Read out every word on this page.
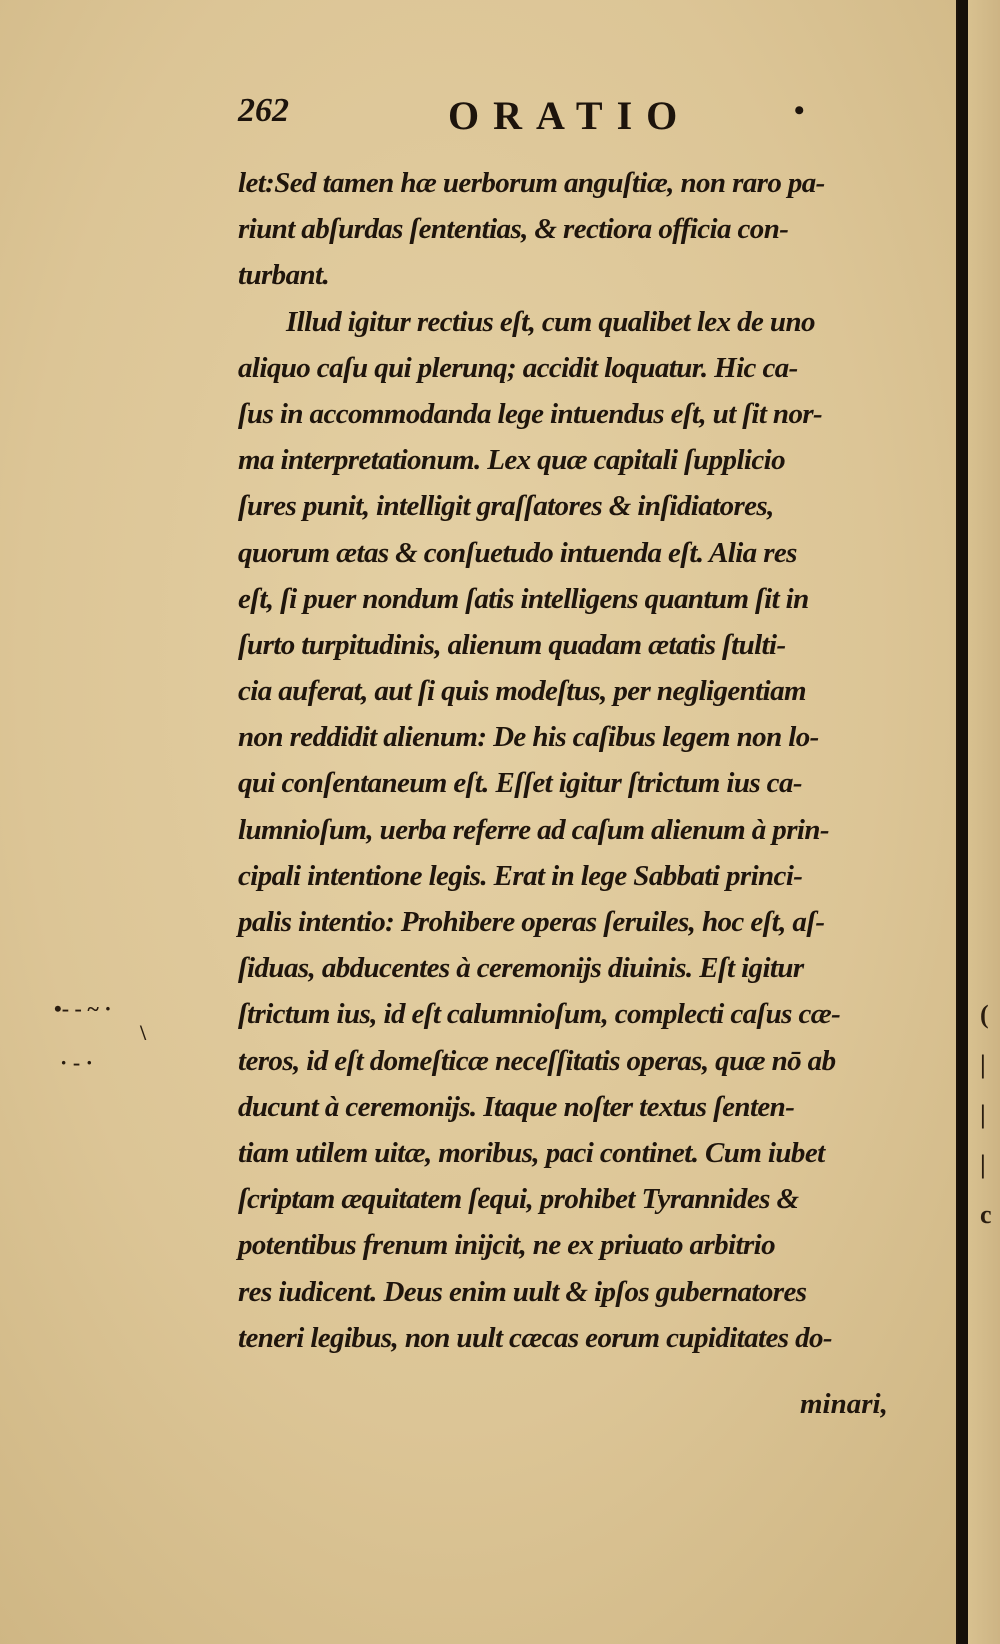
262	ORATIO	•
let:Sed tamen hæ uerborum anguſtiæ, non raro pa‑
riunt abſurdas ſententias, & rectiora officia con‑
turbant.
Illud igitur rectius eſt, cum qualibet lex de uno
aliquo caſu qui plerunq; accidit loquatur. Hic ca‑
ſus in accommodanda lege intuendus eſt, ut ſit nor‑
ma interpretationum. Lex quæ capitali ſupplicio
ſures punit, intelligit graſſatores & inſidiatores,
quorum ætas & conſuetudo intuenda eſt. Alia res
eſt, ſi puer nondum ſatis intelligens quantum ſit in
ſurto turpitudinis, alienum quadam ætatis ſtulti‑
cia auferat, aut ſi quis modeſtus, per negligentiam
non reddidit alienum: De his caſibus legem non lo‑
qui conſentaneum eſt. Eſſet igitur ſtrictum ius ca‑
lumnioſum, uerba referre ad caſum alienum à prin‑
cipali intentione legis. Erat in lege Sabbati princi‑
palis intentio: Prohibere operas ſeruiles, hoc eſt, aſ‑
ſiduas, abducentes à ceremonijs diuinis. Eſt igitur
ſtrictum ius, id eſt calumnioſum, complecti caſus cæ‑
teros, id eſt domeſticæ neceſſitatis operas, quæ nō ab
ducunt à ceremonijs. Itaque noſter textus ſenten‑
tiam utilem uitæ, moribus, paci continet. Cum iubet
ſcriptam æquitatem ſequi, prohibet Tyrannides &
potentibus frenum inijcit, ne ex priuato arbitrio
res iudicent. Deus enim uult & ipſos gubernatores
teneri legibus, non uult cæcas eorum cupiditates do‑
minari,
•‑ ‑ ~ ·
\
· ‑ ·
(
|
|
|
c
